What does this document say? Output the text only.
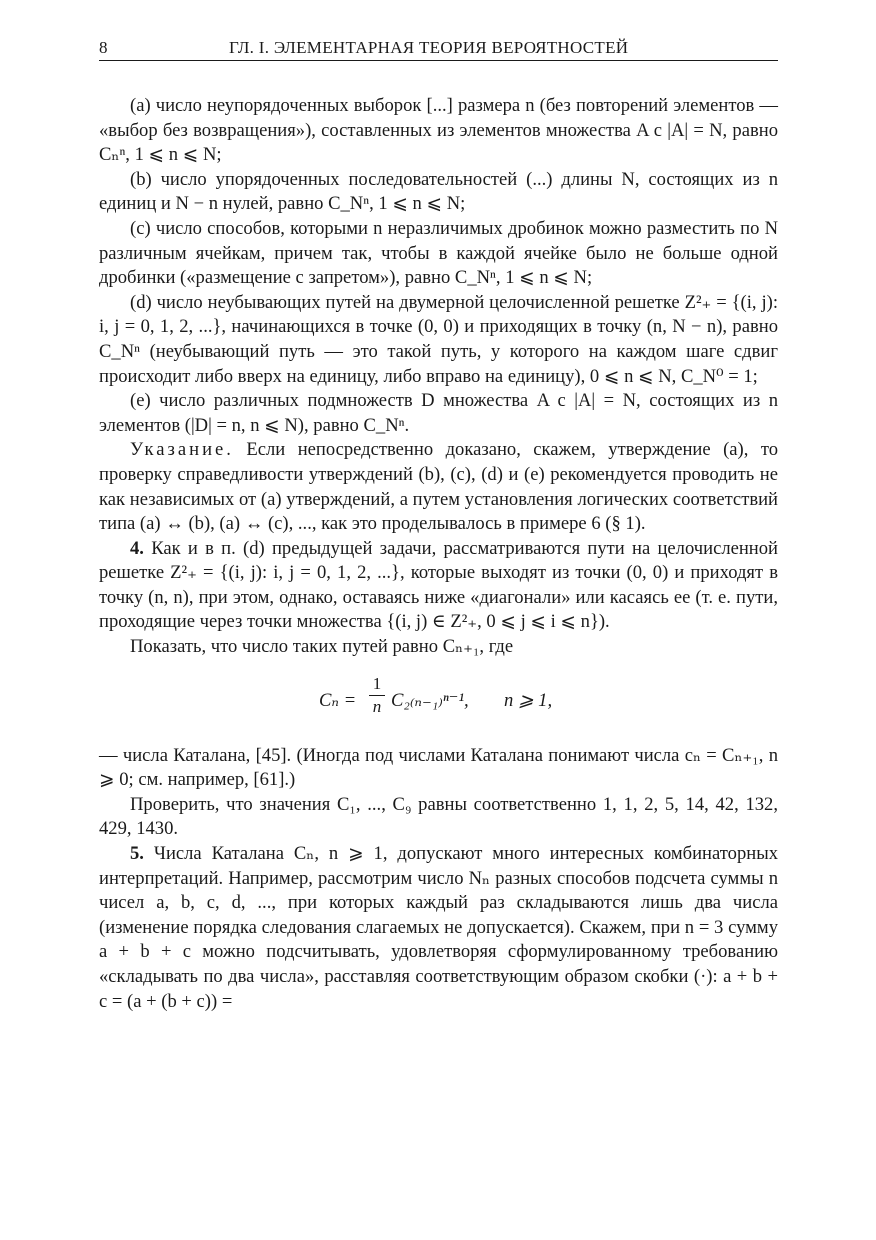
8	ГЛ. I. ЭЛЕМЕНТАРНАЯ ТЕОРИЯ ВЕРОЯТНОСТЕЙ

(a) число неупорядоченных выборок [...] размера n (без повторений элементов — «выбор без возвращения»), составленных из элементов множества A с |A| = N, равно Cₙⁿ, 1 ⩽ n ⩽ N;

(b) число упорядоченных последовательностей (...) длины N, состоящих из n единиц и N − n нулей, равно C_Nⁿ, 1 ⩽ n ⩽ N;

(c) число способов, которыми n неразличимых дробинок можно разместить по N различным ячейкам, причем так, чтобы в каждой ячейке было не больше одной дробинки («размещение с запретом»), равно C_Nⁿ, 1 ⩽ n ⩽ N;

(d) число неубывающих путей на двумерной целочисленной решетке Z²₊ = {(i, j): i, j = 0, 1, 2, ...}, начинающихся в точке (0, 0) и приходящих в точку (n, N − n), равно C_Nⁿ (неубывающий путь — это такой путь, у которого на каждом шаге сдвиг происходит либо вверх на единицу, либо вправо на единицу), 0 ⩽ n ⩽ N, C_N⁰ = 1;

(e) число различных подмножеств D множества A с |A| = N, состоящих из n элементов (|D| = n, n ⩽ N), равно C_Nⁿ.

Указание. Если непосредственно доказано, скажем, утверждение (a), то проверку справедливости утверждений (b), (c), (d) и (e) рекомендуется проводить не как независимых от (a) утверждений, а путем установления логических соответствий типа (a) ↔ (b), (a) ↔ (c), ..., как это проделывалось в примере 6 (§ 1).

4. Как и в п. (d) предыдущей задачи, рассматриваются пути на целочисленной решетке Z²₊ = {(i, j): i, j = 0, 1, 2, ...}, которые выходят из точки (0, 0) и приходят в точку (n, n), при этом, однако, оставаясь ниже «диагонали» или касаясь ее (т. е. пути, проходящие через точки множества {(i, j) ∈ Z²₊, 0 ⩽ j ⩽ i ⩽ n}).

Показать, что число таких путей равно Cₙ₊₁, где

Cₙ =
1
n C₂₍ₙ₋₁₎ⁿ⁻¹, n ⩾ 1,

— числа Каталана, [45]. (Иногда под числами Каталана понимают числа cₙ = Cₙ₊₁, n ⩾ 0; см. например, [61].)

Проверить, что значения C₁, ..., C₉ равны соответственно 1, 1, 2, 5, 14, 42, 132, 429, 1430.

5. Числа Каталана Cₙ, n ⩾ 1, допускают много интересных комбинаторных интерпретаций. Например, рассмотрим число Nₙ разных способов подсчета суммы n чисел a, b, c, d, ..., при которых каждый раз складываются лишь два числа (изменение порядка следования слагаемых не допускается). Скажем, при n = 3 сумму a + b + c можно подсчитывать, удовлетворяя сформулированному требованию «складывать по два числа», расставляя соответствующим образом скобки (·): a + b + c = (a + (b + c)) =
